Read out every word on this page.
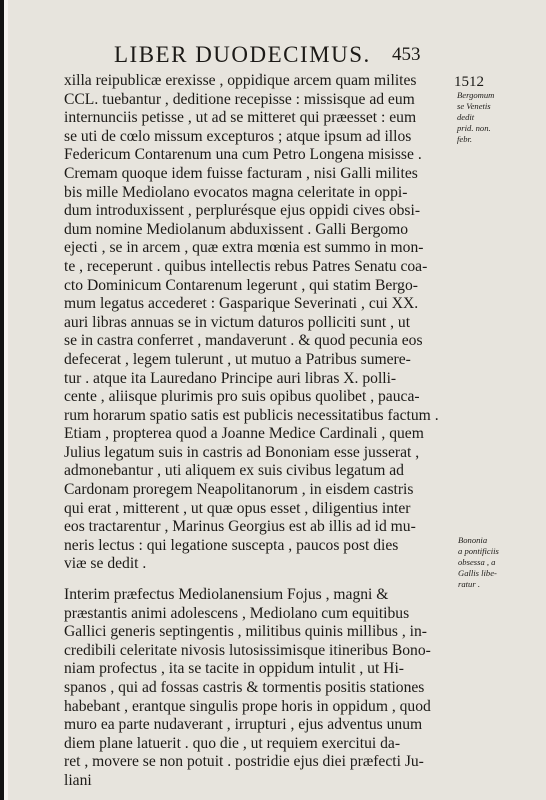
LIBER DUODECIMUS. 453
1512
Bergomum
se Venetis
dedit
prid. non.
febr.
Bononia
a pontificiis
obsessa , a
Gallis libe-
ratur .
xilla reipublicæ erexisse , oppidique arcem quam milites
CCL. tuebantur , deditione recepisse : missisque ad eum
internunciis petisse , ut ad se mitteret qui præesset : eum
se uti de cœlo missum excepturos ; atque ipsum ad illos
Federicum Contarenum una cum Petro Longena misisse .
Cremam quoque idem fuisse facturam , nisi Galli milites
bis mille Mediolano evocatos magna celeritate in oppi-
dum introduxissent , perplurésque ejus oppidi cives obsi-
dum nomine Mediolanum abduxissent . Galli Bergomo
ejecti , se in arcem , quæ extra mœnia est summo in mon-
te , receperunt . quibus intellectis rebus Patres Senatu coa-
cto Dominicum Contarenum legerunt , qui statim Bergo-
mum legatus accederet : Gasparique Severinati , cui XX.
auri libras annuas se in victum daturos polliciti sunt , ut
se in castra conferret , mandaverunt . & quod pecunia eos
defecerat , legem tulerunt , ut mutuo a Patribus sumere-
tur . atque ita Lauredano Principe auri libras X. polli-
cente , aliisque plurimis pro suis opibus quolibet , pauca-
rum horarum spatio satis est publicis necessitatibus factum .
Etiam , propterea quod a Joanne Medice Cardinali , quem
Julius legatum suis in castris ad Bononiam esse jusserat ,
admonebantur , uti aliquem ex suis civibus legatum ad
Cardonam proregem Neapolitanorum , in eisdem castris
qui erat , mitterent , ut quæ opus esset , diligentius inter
eos tractarentur , Marinus Georgius est ab illis ad id mu-
neris lectus : qui legatione suscepta , paucos post dies
viæ se dedit .
Interim præfectus Mediolanensium Fojus , magni &
præstantis animi adolescens , Mediolano cum equitibus
Gallici generis septingentis , militibus quinis millibus , in-
credibili celeritate nivosis lutosissimisque itineribus Bono-
niam profectus , ita se tacite in oppidum intulit , ut Hi-
spanos , qui ad fossas castris & tormentis positis stationes
habebant , erantque singulis prope horis in oppidum , quod
muro ea parte nudaverant , irrupturi , ejus adventus unum
diem plane latuerit . quo die , ut requiem exercitui da-
ret , movere se non potuit . postridie ejus diei præfecti Ju-
liani
